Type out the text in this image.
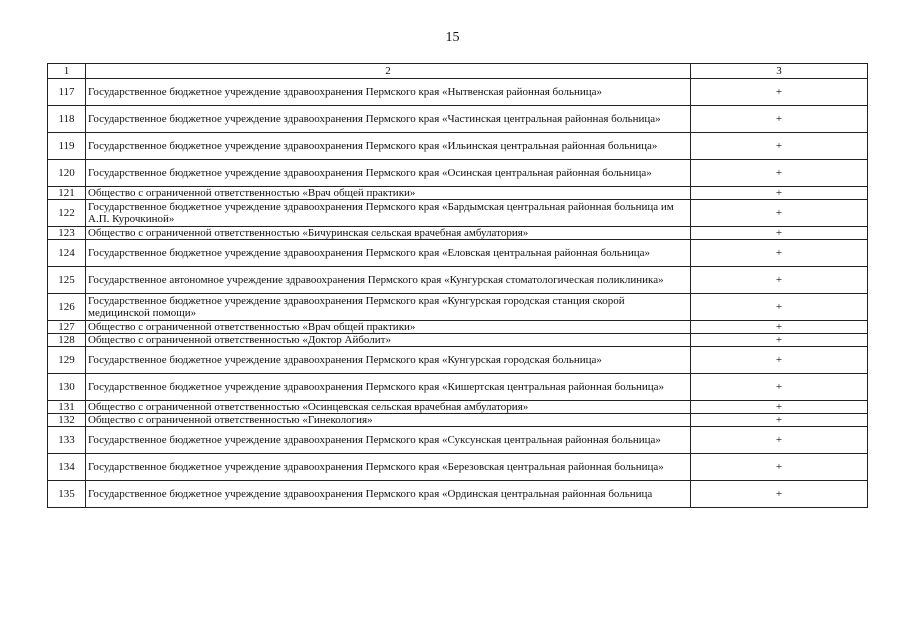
15
1	2	3
117	Государственное бюджетное учреждение здравоохранения Пермского края «Нытвенская районная больница»	+
118	Государственное бюджетное учреждение здравоохранения Пермского края «Частинская центральная районная больница»	+
119	Государственное бюджетное учреждение здравоохранения Пермского края «Ильинская центральная районная больница»	+
120	Государственное бюджетное учреждение здравоохранения Пермского края «Осинская центральная районная больница»	+
121	Общество с ограниченной ответственностью «Врач общей практики»	+
122	Государственное бюджетное учреждение здравоохранения Пермского края «Бардымская центральная районная больница им А.П. Курочкиной»	+
123	Общество с ограниченной ответственностью «Бичуринская сельская врачебная амбулатория»	+
124	Государственное бюджетное учреждение здравоохранения Пермского края «Еловская центральная районная больница»	+
125	Государственное автономное учреждение здравоохранения Пермского края «Кунгурская стоматологическая поликлиника»	+
126	Государственное бюджетное учреждение здравоохранения Пермского края «Кунгурская городская станция скорой медицинской помощи»	+
127	Общество с ограниченной ответственностью «Врач общей практики»	+
128	Общество с ограниченной ответственностью «Доктор Айболит»	+
129	Государственное бюджетное учреждение здравоохранения Пермского края «Кунгурская городская больница»	+
130	Государственное бюджетное учреждение здравоохранения Пермского края «Кишертская центральная районная больница»	+
131	Общество с ограниченной ответственностью «Осинцевская сельская врачебная амбулатория»	+
132	Общество с ограниченной ответственностью «Гинекология»	+
133	Государственное бюджетное учреждение здравоохранения Пермского края «Суксунская центральная районная больница»	+
134	Государственное бюджетное учреждение здравоохранения Пермского края «Березовская центральная районная больница»	+
135	Государственное бюджетное учреждение здравоохранения Пермского края «Ординская центральная районная больница	+
